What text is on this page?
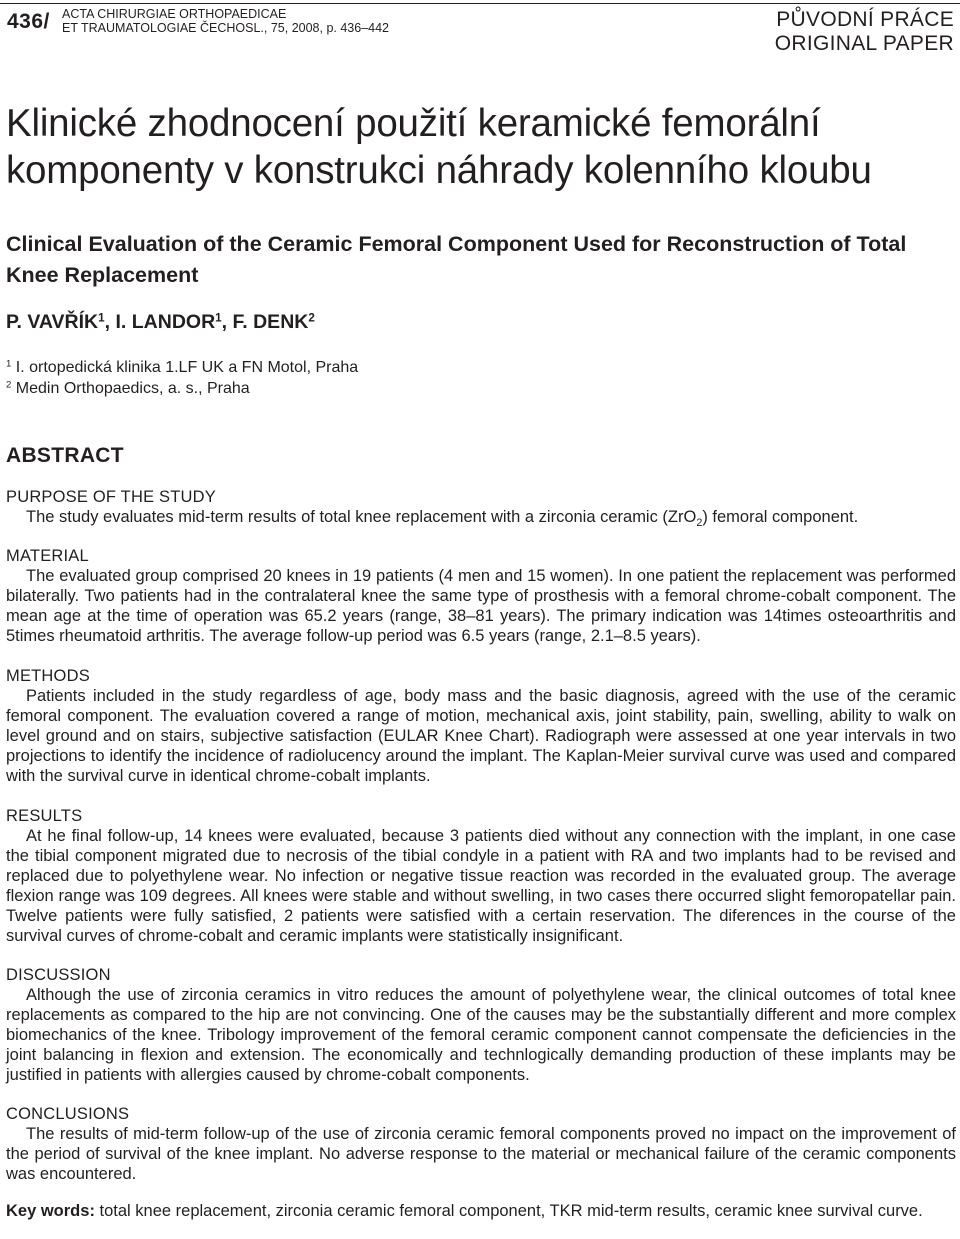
436/ ACTA CHIRURGIAE ORTHOPAEDICAE
ET TRAUMATOLOGIAE ČECHOSL., 75, 2008, p. 436–442	PŮVODNÍ PRÁCE
ORIGINAL PAPER
Klinické zhodnocení použití keramické femorální komponenty v konstrukci náhrady kolenního kloubu
Clinical Evaluation of the Ceramic Femoral Component Used for Reconstruction of Total Knee Replacement
P. VAVŘÍK$^1$, I. LANDOR$^1$, F. DENK$^2$
$^1$ I. ortopedická klinika 1.LF UK a FN Motol, Praha
$^2$ Medin Orthopaedics, a. s., Praha
ABSTRACT
PURPOSE OF THE STUDY

The study evaluates mid-term results of total knee replacement with a zirconia ceramic (ZrO$_2$) femoral component.

MATERIAL

The evaluated group comprised 20 knees in 19 patients (4 men and 15 women). In one patient the replacement was performed bilaterally. Two patients had in the contralateral knee the same type of prosthesis with a femoral chrome-cobalt component. The mean age at the time of operation was 65.2 years (range, 38–81 years). The primary indication was 14times osteoarthritis and 5times rheumatoid arthritis. The average follow-up period was 6.5 years (range, 2.1–8.5 years).

METHODS

Patients included in the study regardless of age, body mass and the basic diagnosis, agreed with the use of the ceramic femoral component. The evaluation covered a range of motion, mechanical axis, joint stability, pain, swelling, ability to walk on level ground and on stairs, subjective satisfaction (EULAR Knee Chart). Radiograph were assessed at one year intervals in two projections to identify the incidence of radiolucency around the implant. The Kaplan-Meier survival curve was used and compared with the survival curve in identical chrome-cobalt implants.

RESULTS

At he final follow-up, 14 knees were evaluated, because 3 patients died without any connection with the implant, in one case the tibial component migrated due to necrosis of the tibial condyle in a patient with RA and two implants had to be revised and replaced due to polyethylene wear. No infection or negative tissue reaction was recorded in the evaluated group. The average flexion range was 109 degrees. All knees were stable and without swelling, in two cases there occurred slight femoropatellar pain. Twelve patients were fully satisfied, 2 patients were satisfied with a certain reservation. The diferences in the course of the survival curves of chrome-cobalt and ceramic implants were statistically insignificant.

DISCUSSION

Although the use of zirconia ceramics in vitro reduces the amount of polyethylene wear, the clinical outcomes of total knee replacements as compared to the hip are not convincing. One of the causes may be the substantially different and more complex biomechanics of the knee. Tribology improvement of the femoral ceramic component cannot compensate the deficiencies in the joint balancing in flexion and extension. The economically and technlogically demanding production of these implants may be justified in patients with allergies caused by chrome-cobalt components.

CONCLUSIONS

The results of mid-term follow-up of the use of zirconia ceramic femoral components proved no impact on the improvement of the period of survival of the knee implant. No adverse response to the material or mechanical failure of the ceramic components was encountered.

Key words: total knee replacement, zirconia ceramic femoral component, TKR mid-term results, ceramic knee survival curve.
